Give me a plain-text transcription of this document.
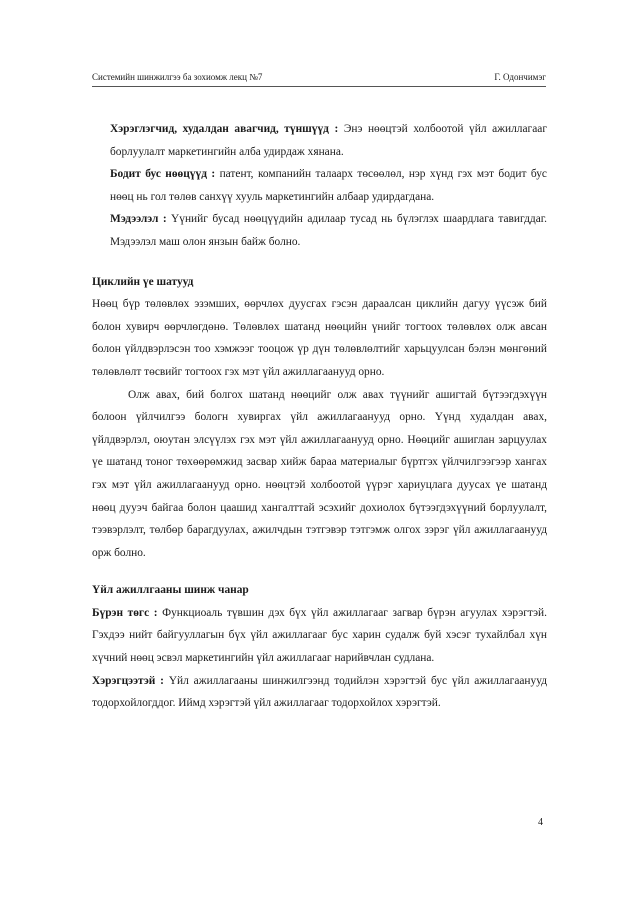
Системийн шинжилгээ ба зохиомж лекц №7	Г. Одончимэг

Хэрэглэгчид, худалдан авагчид, түншүүд : Энэ нөөцтэй холбоотой үйл ажиллагааг борлуулалт маркетингийн алба удирдаж хянана.

Бодит бус нөөцүүд : патент, компанийн талаарх төсөөлөл, нэр хүнд гэх мэт бодит бус нөөц нь гол төлөв санхүү хууль маркетингийн албаар удирдагдана.

Мэдээлэл : Үүнийг бусад нөөцүүдийн адилаар тусад нь бүлэглэх шаардлага тавигддаг. Мэдээлэл маш олон янзын байж болно.

Циклийн үе шатууд

Нөөц бүр төлөвлөх эзэмших, өөрчлөх дуусгах гэсэн дараалсан циклийн дагуу үүсэж бий болон хувирч өөрчлөгдөнө. Төлөвлөх шатанд нөөцийн үнийг тогтоох төлөвлөх олж авсан болон үйлдвэрлэсэн тоо хэмжээг тооцож үр дүн төлөвлөлтийг харьцуулсан бэлэн мөнгөний төлөвлөлт төсвийг тогтоох гэх мэт үйл ажиллагаанууд орно.

Олж авах, бий болгох шатанд нөөцийг олж авах түүнийг ашигтай бүтээгдэхүүн болоон үйлчилгээ бологн хувиргах үйл ажиллагаанууд орно. Үүнд худалдан авах, үйлдвэрлэл, оюутан элсүүлэх гэх мэт үйл ажиллагаанууд орно. Нөөцийг ашиглан зарцуулах үе шатанд тоног төхөөрөмжид засвар хийж бараа материалыг бүртгэх үйлчилгээгээр хангах гэх мэт үйл ажиллагаанууд орно. нөөцтэй холбоотой үүрэг хариуцлага дуусах үе шатанд нөөц дууэч байгаа болон цаашид хангалттай эсэхийг дохиолох бүтээгдэхүүний борлуулалт, тээвэрлэлт, төлбөр барагдуулах, ажилчдын тэтгэвэр тэтгэмж олгох зэрэг үйл ажиллагаанууд орж болно.

Үйл ажиллгааны шинж чанар

Бүрэн төгс : Функциоаль түвшин дэх бүх үйл ажиллагааг загвар бүрэн агуулах хэрэгтэй. Гэхдээ нийт байгууллагын бүх үйл ажиллагааг бус харин судалж буй хэсэг тухайлбал хүн хүчний нөөц эсвэл маркетингийн үйл ажиллагааг нарийвчлан судлана.

Хэрэгцээтэй : Үйл ажиллагааны шинжилгээнд тодийлэн хэрэгтэй бус үйл ажиллагаанууд тодорхойлогддог. Иймд хэрэгтэй үйл ажиллагааг тодорхойлох хэрэгтэй.

4
